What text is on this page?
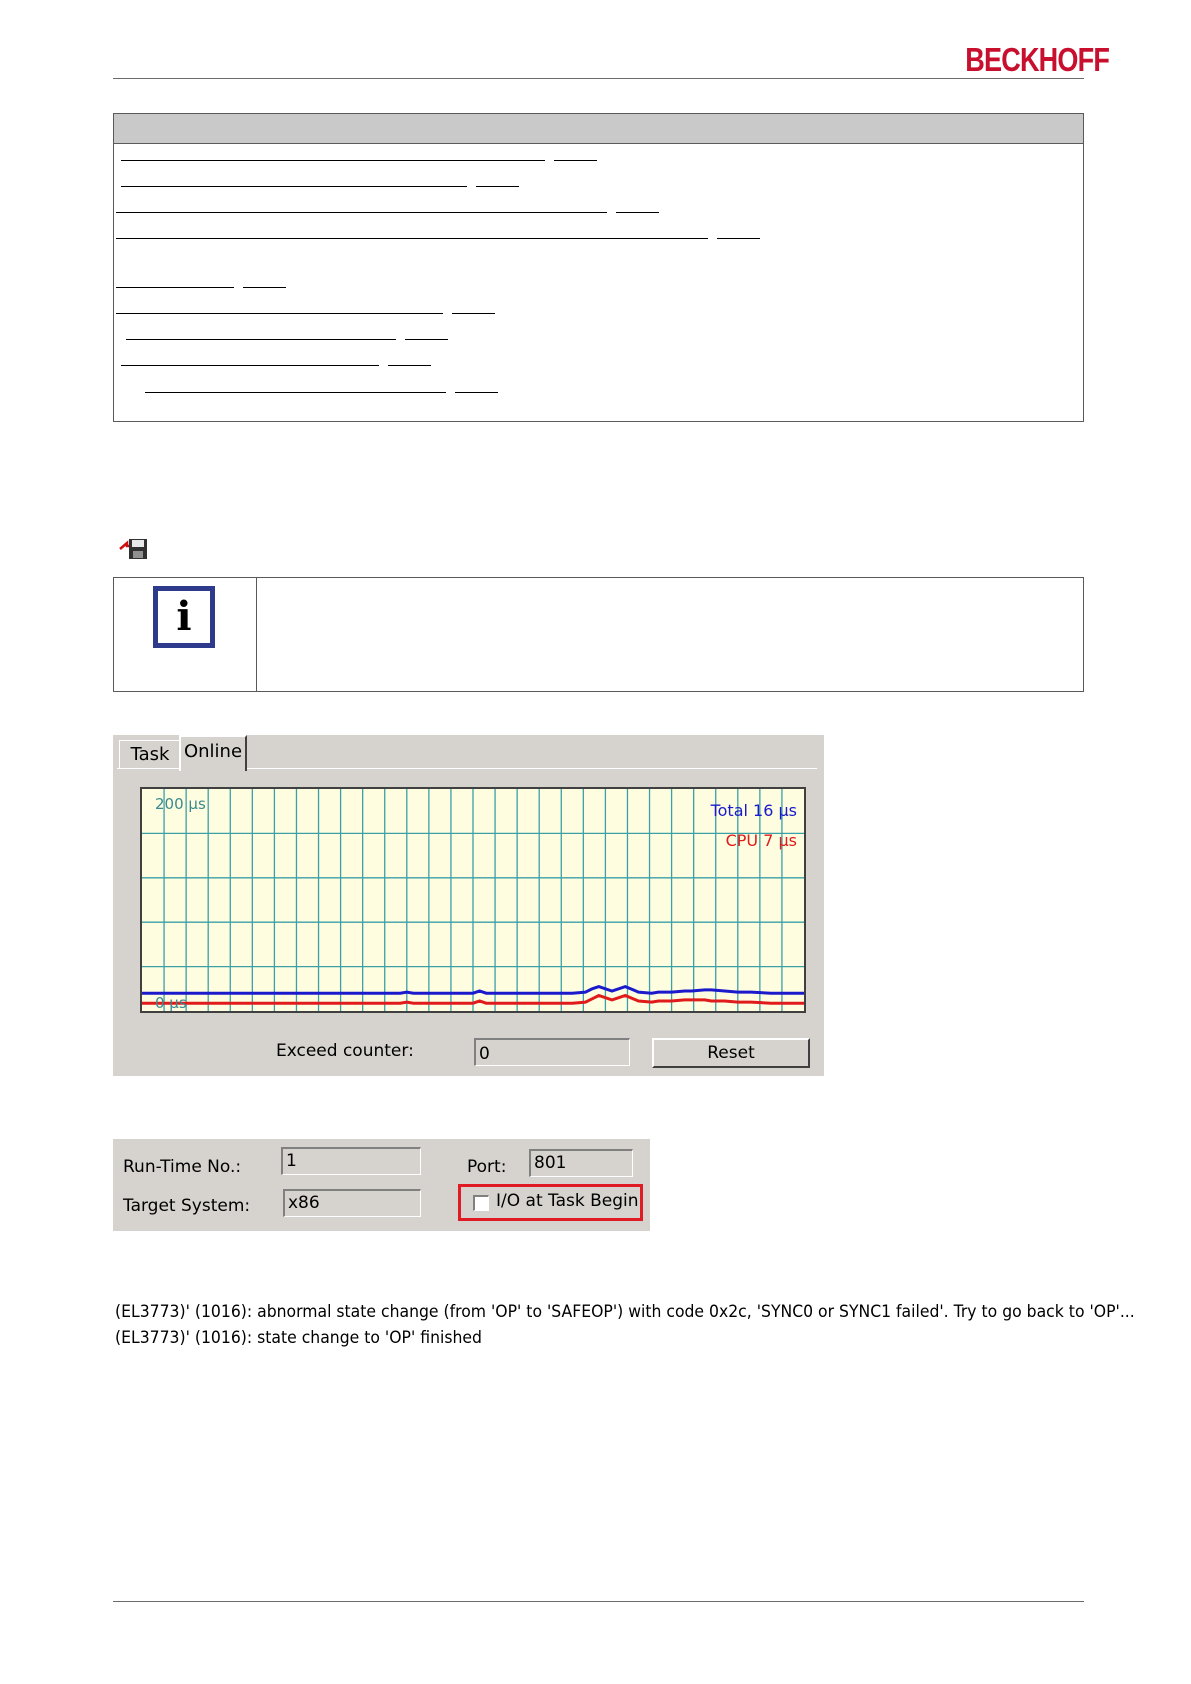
BECKHOFF
i
Task Online
200 µs
0 µs
Total 16 µs
CPU 7 µs
Exceed counter:	0	Reset
Run-Time No.:	1	Port: 801
Target System: x86	I/O at Task Begin
(EL3773)' (1016): abnormal state change (from 'OP' to 'SAFEOP') with code 0x2c, 'SYNC0 or SYNC1 failed'. Try to go back to 'OP'...
(EL3773)' (1016): state change to 'OP' finished
